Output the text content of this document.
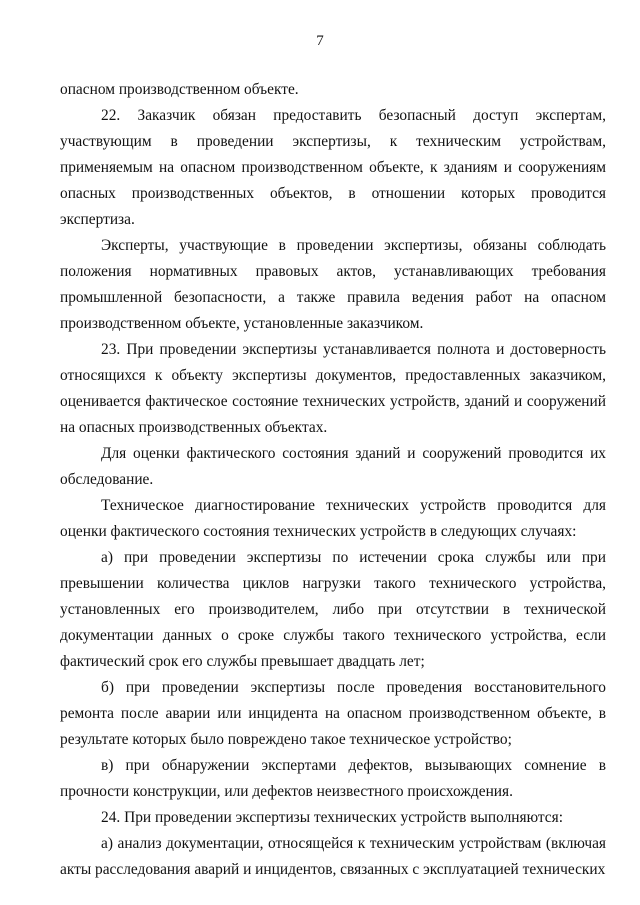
7

опасном производственном объекте.

22. Заказчик обязан предоставить безопасный доступ экспертам, участвующим в проведении экспертизы, к техническим устройствам, применяемым на опасном производственном объекте, к зданиям и сооружениям опасных производственных объектов, в отношении которых проводится экспертиза.

Эксперты, участвующие в проведении экспертизы, обязаны соблюдать положения нормативных правовых актов, устанавливающих требования промышленной безопасности, а также правила ведения работ на опасном производственном объекте, установленные заказчиком.

23. При проведении экспертизы устанавливается полнота и достоверность относящихся к объекту экспертизы документов, предоставленных заказчиком, оценивается фактическое состояние технических устройств, зданий и сооружений на опасных производственных объектах.

Для оценки фактического состояния зданий и сооружений проводится их обследование.

Техническое диагностирование технических устройств проводится для оценки фактического состояния технических устройств в следующих случаях:

а) при проведении экспертизы по истечении срока службы или при превышении количества циклов нагрузки такого технического устройства, установленных его производителем, либо при отсутствии в технической документации данных о сроке службы такого технического устройства, если фактический срок его службы превышает двадцать лет;

б) при проведении экспертизы после проведения восстановительного ремонта после аварии или инцидента на опасном производственном объекте, в результате которых было повреждено такое техническое устройство;

в) при обнаружении экспертами дефектов, вызывающих сомнение в прочности конструкции, или дефектов неизвестного происхождения.

24. При проведении экспертизы технических устройств выполняются:

а) анализ документации, относящейся к техническим устройствам (включая акты расследования аварий и инцидентов, связанных с эксплуатацией технических
